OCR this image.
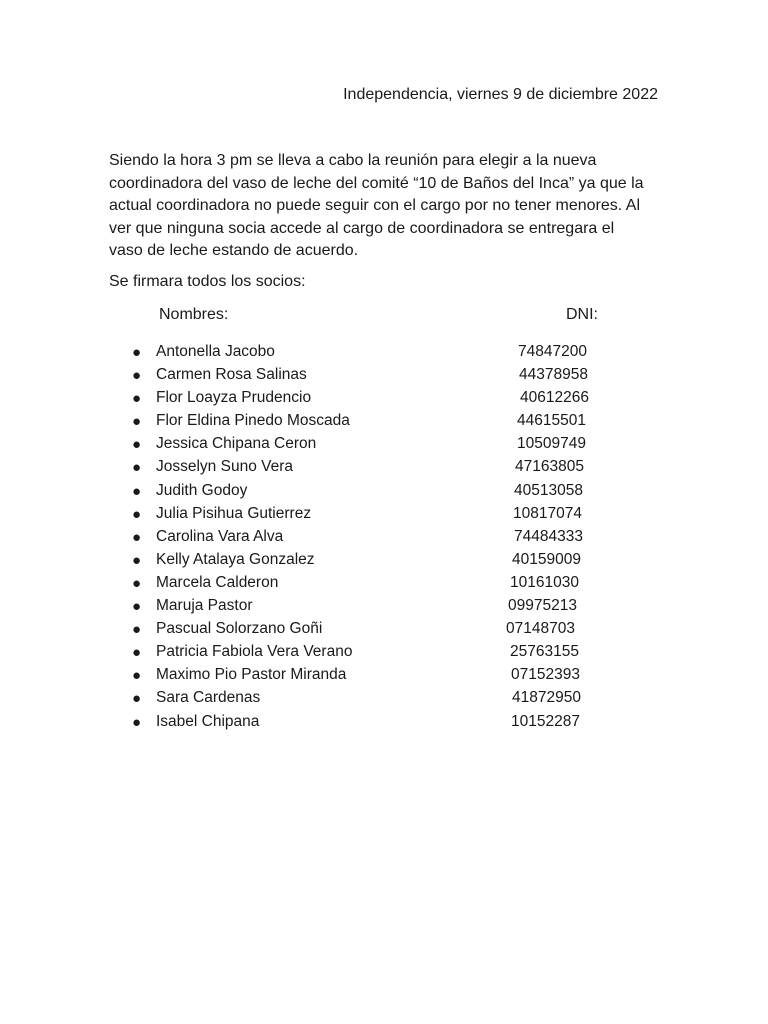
Independencia, viernes 9 de diciembre 2022

Siendo la hora 3 pm se lleva a cabo la reunión para elegir a la nueva coordinadora del vaso de leche del comité “10 de Baños del Inca” ya que la actual coordinadora no puede seguir con el cargo por no tener menores. Al ver que ninguna socia accede al cargo de coordinadora se entregara el vaso de leche estando de acuerdo.

Se firmara todos los socios:

Nombres:	DNI:
● Antonella Jacobo	74847200
● Carmen Rosa Salinas	44378958
● Flor Loayza Prudencio	40612266
● Flor Eldina Pinedo Moscada	44615501
● Jessica Chipana Ceron	10509749
● Josselyn Suno Vera	47163805
● Judith Godoy	40513058
● Julia Pisihua Gutierrez	10817074
● Carolina Vara Alva	74484333
● Kelly Atalaya Gonzalez	40159009
● Marcela Calderon	10161030
● Maruja Pastor	09975213
● Pascual Solorzano Goñi	07148703
● Patricia Fabiola Vera Verano	25763155
● Maximo Pio Pastor Miranda	07152393
● Sara Cardenas	41872950
● Isabel Chipana	10152287
